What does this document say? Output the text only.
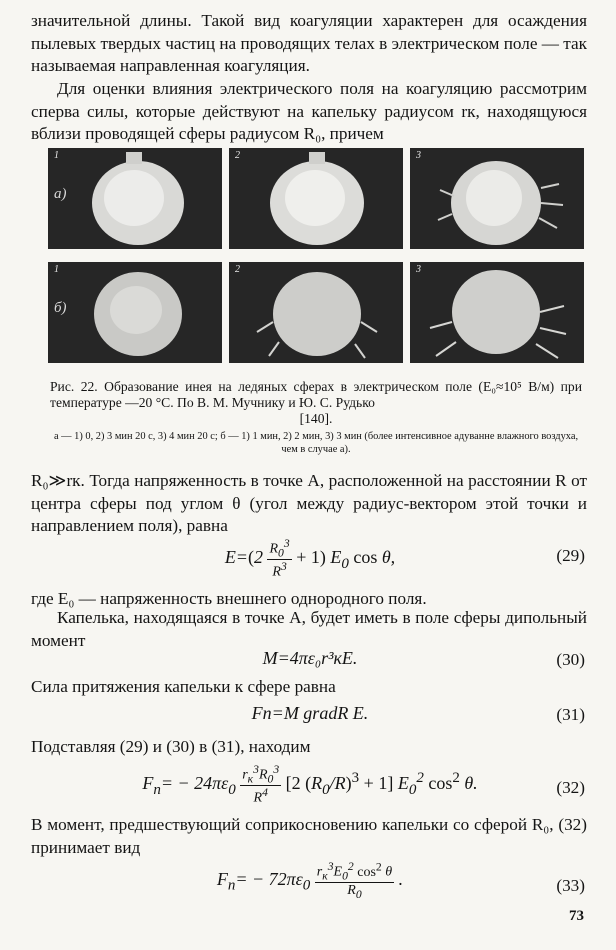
значительной длины. Такой вид коагуляции характерен для осаждения пылевых твердых частиц на проводящих телах в электрическом поле — так называемая направленная коагуляция.
Для оценки влияния электрического поля на коагуляцию рассмотрим сперва силы, которые действуют на капельку радиусом rк, находящуюся вблизи проводящей сферы радиусом R₀, причем
1
а)
2	3
1
б)
2	3
Рис. 22. Образование инея на ледяных сферах в электрическом поле (E₀≈10⁵ В/м) при температуре —20 °С. По В. М. Мучнику и Ю. С. Рудько
[140].
а — 1) 0, 2) 3 мин 20 с, 3) 4 мин 20 с; б — 1) 1 мин, 2) 2 мин, 3) 3 мин (более интенсивное адуванне влажного воздуха, чем в случае а).
R₀≫rк. Тогда напряженность в точке A, расположенной на расстоянии R от центра сферы под углом θ (угол между радиус-вектором этой точки и направлением поля), равна
$E=(2 \frac{R_0^3}{R^3} + 1)$ $E_0$ cos θ,	(29)
где E₀ — напряженность внешнего однородного поля.
Капелька, находящаяся в точке A, будет иметь в поле сферы дипольный момент
M=4πε₀r³кE.	(30)
Сила притяжения капельки к сфере равна
Fn=M gradR E.	(31)
Подставляя (29) и (30) в (31), находим
$F_n= - 24\pi\varepsilon_0 \frac{r_к^3R_0^3}{R^4} [2$ $(R_0/R)^3 + 1$] $E_0^2$ $\cos^2 \theta$.	(32)
В момент, предшествующий соприкосновению капельки со сферой R₀, (32) принимает вид
$F_n= - 72\pi\varepsilon_0 \frac{r_к^3E_0^2 \cos^2 \theta}{R_0}$ .	(33)
73
